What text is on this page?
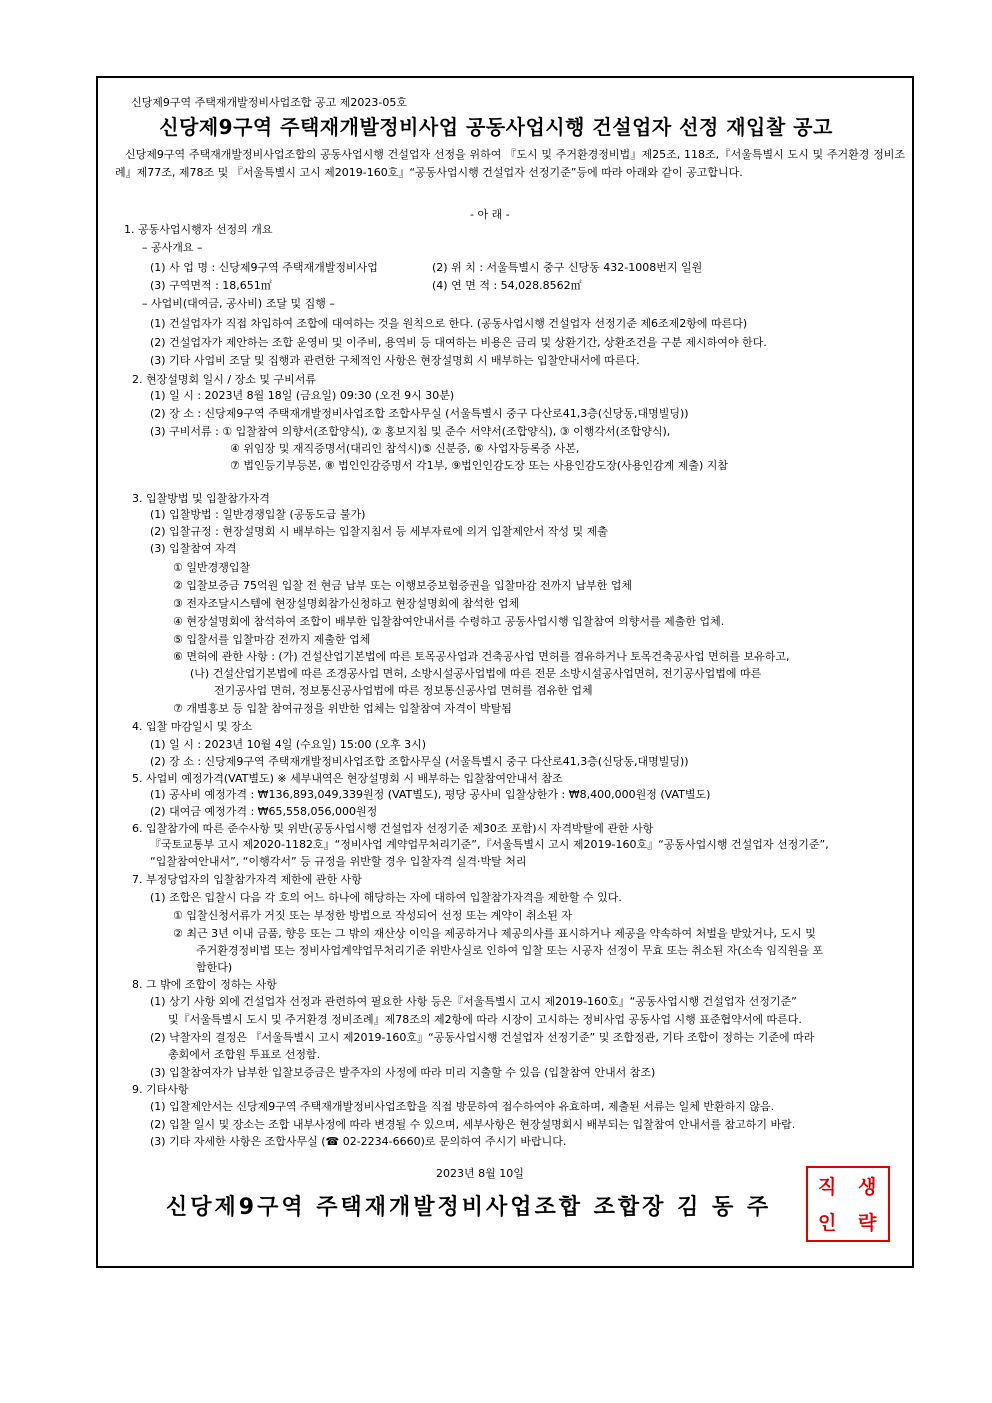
신당제9구역 주택재개발정비사업조합 공고 제2023-05호
신당제9구역 주택재개발정비사업 공동사업시행 건설업자 선정 재입찰 공고
신당제9구역 주택재개발정비사업조합의 공동사업시행 건설업자 선정을 위하여 『도시 및 주거환경정비법』제25조, 118조,『서울특별시 도시 및 주거환경 정비조례』제77조, 제78조 및 『서울특별시 고시 제2019-160호』“공동사업시행 건설업자 선정기준”등에 따라 아래와 같이 공고합니다.
- 아 래 -
1. 공동사업시행자 선정의 개요
– 공사개요 –
(1) 사 업 명 : 신당제9구역 주택재개발정비사업	(2) 위 치 : 서울특별시 중구 신당동 432-1008번지 일원
(3) 구역면적 : 18,651㎡	(4) 연 면 적 : 54,028.8562㎡
– 사업비(대여금, 공사비) 조달 및 집행 –
(1) 건설업자가 직접 차입하여 조합에 대여하는 것을 원칙으로 한다. (공동사업시행 건설업자 선정기준 제6조제2항에 따른다)
(2) 건설업자가 제안하는 조합 운영비 및 이주비, 용역비 등 대여하는 비용은 금리 및 상환기간, 상환조건을 구분 제시하여야 한다.
(3) 기타 사업비 조달 및 집행과 관련한 구체적인 사항은 현장설명회 시 배부하는 입찰안내서에 따른다.
2. 현장설명회 일시 / 장소 및 구비서류
(1) 일 시 : 2023년 8월 18일 (금요일) 09:30 (오전 9시 30분)
(2) 장 소 : 신당제9구역 주택재개발정비사업조합 조합사무실 (서울특별시 중구 다산로41,3층(신당동,대명빌딩))
(3) 구비서류 : ① 입찰참여 의향서(조합양식), ② 홍보지침 및 준수 서약서(조합양식), ③ 이행각서(조합양식),
④ 위임장 및 재직증명서(대리인 참석시)⑤ 신분증, ⑥ 사업자등록증 사본,
⑦ 법인등기부등본, ⑧ 법인인감증명서 각1부, ⑨법인인감도장 또는 사용인감도장(사용인감계 제출) 지참
3. 입찰방법 및 입찰참가자격
(1) 입찰방법 : 일반경쟁입찰 (공동도급 불가)
(2) 입찰규정 : 현장설명회 시 배부하는 입찰지침서 등 세부자료에 의거 입찰제안서 작성 및 제출
(3) 입찰참여 자격
① 일반경쟁입찰
② 입찰보증금 75억원 입찰 전 현금 납부 또는 이행보증보험증권을 입찰마감 전까지 납부한 업체
③ 전자조달시스템에 현장설명회참가신청하고 현장설명회에 참석한 업체
④ 현장설명회에 참석하여 조합이 배부한 입찰참여안내서를 수령하고 공동사업시행 입찰참여 의향서를 제출한 업체.
⑤ 입찰서를 입찰마감 전까지 제출한 업체
⑥ 면허에 관한 사항 : (가) 건설산업기본법에 따른 토목공사업과 건축공사업 면허를 겸유하거나 토목건축공사업 면허를 보유하고,
(나) 건설산업기본법에 따른 조경공사업 면허, 소방시설공사업법에 따른 전문 소방시설공사업면허, 전기공사업법에 따른
전기공사업 면허, 정보통신공사업법에 따른 정보통신공사업 면허를 겸유한 업체
⑦ 개별홍보 등 입찰 참여규정을 위반한 업체는 입찰참여 자격이 박탈됨
4. 입찰 마감일시 및 장소
(1) 일 시 : 2023년 10월 4일 (수요일) 15:00 (오후 3시)
(2) 장 소 : 신당제9구역 주택재개발정비사업조합 조합사무실 (서울특별시 중구 다산로41,3층(신당동,대명빌딩))
5. 사업비 예정가격(VAT별도) ※ 세부내역은 현장설명회 시 배부하는 입찰참여안내서 참조
(1) 공사비 예정가격 : ₩136,893,049,339원정 (VAT별도), 평당 공사비 입찰상한가 : ₩8,400,000원정 (VAT별도)
(2) 대여금 예정가격 : ₩65,558,056,000원정
6. 입찰참가에 따른 준수사항 및 위반(공동사업시행 건설업자 선정기준 제30조 포함)시 자격박탈에 관한 사항
『국토교통부 고시 제2020-1182호』“정비사업 계약업무처리기준”,『서울특별시 고시 제2019-160호』“공동사업시행 건설업자 선정기준”,
“입찰참여안내서”, “이행각서” 등 규정을 위반할 경우 입찰자격 실격·박탈 처리
7. 부정당업자의 입찰참가자격 제한에 관한 사항
(1) 조합은 입찰시 다음 각 호의 어느 하나에 해당하는 자에 대하여 입찰참가자격을 제한할 수 있다.
① 입찰신청서류가 거짓 또는 부정한 방법으로 작성되어 선정 또는 계약이 취소된 자
② 최근 3년 이내 금품, 향응 또는 그 밖의 재산상 이익을 제공하거나 제공의사를 표시하거나 제공을 약속하여 처벌을 받았거나, 도시 및
주거환경정비법 또는 정비사업계약업무처리기준 위반사실로 인하여 입찰 또는 시공자 선정이 무효 또는 취소된 자(소속 임직원을 포
함한다)
8. 그 밖에 조합이 정하는 사항
(1) 상기 사항 외에 건설업자 선정과 관련하여 필요한 사항 등은『서울특별시 고시 제2019-160호』“공동사업시행 건설업자 선정기준”
및『서울특별시 도시 및 주거환경 정비조례』제78조의 제2항에 따라 시장이 고시하는 정비사업 공동사업 시행 표준협약서에 따른다.
(2) 낙찰자의 결정은 『서울특별시 고시 제2019-160호』“공동사업시행 건설업자 선정기준” 및 조합정관, 기타 조합이 정하는 기준에 따라
총회에서 조합원 투표로 선정함.
(3) 입찰참여자가 납부한 입찰보증금은 발주자의 사정에 따라 미리 지출할 수 있음 (입찰참여 안내서 참조)
9. 기타사항
(1) 입찰제안서는 신당제9구역 주택재개발정비사업조합을 직접 방문하여 접수하여야 유효하며, 제출된 서류는 일체 반환하지 않음.
(2) 입찰 일시 및 장소는 조합 내부사정에 따라 변경될 수 있으며, 세부사항은 현장설명회시 배부되는 입찰참여 안내서를 참고하기 바람.
(3) 기타 자세한 사항은 조합사무실 (☎ 02-2234-6660)로 문의하여 주시기 바랍니다.
2023년 8월 10일
신당제9구역 주택재개발정비사업조합 조합장 김 동 주
직 생
인 략
